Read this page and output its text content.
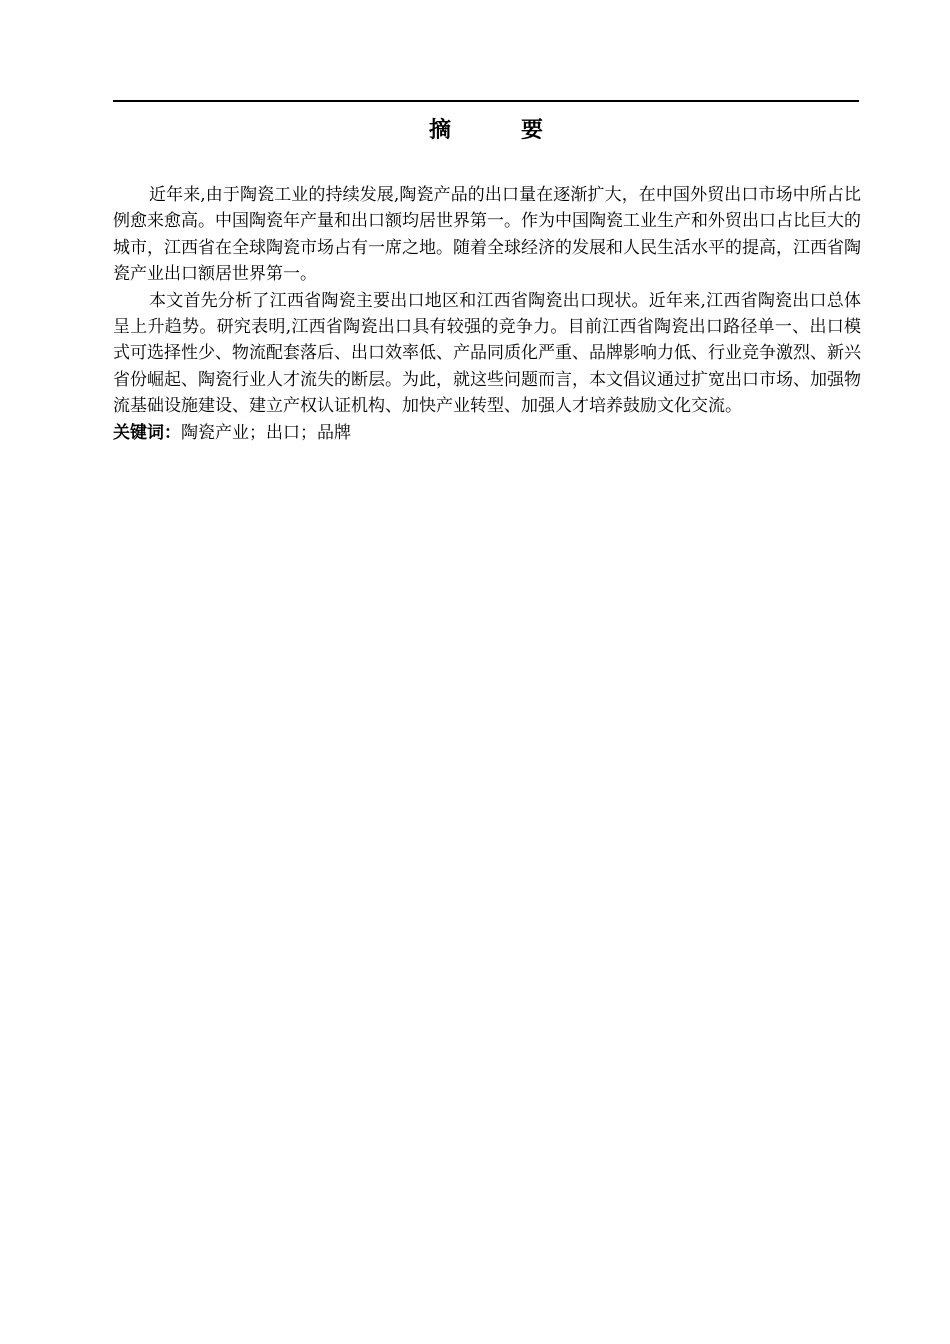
摘　要

近年来,由于陶瓷工业的持续发展,陶瓷产品的出口量在逐渐扩大，在中国外贸出口市场中所占比例愈来愈高。中国陶瓷年产量和出口额均居世界第一。作为中国陶瓷工业生产和外贸出口占比巨大的城市，江西省在全球陶瓷市场占有一席之地。随着全球经济的发展和人民生活水平的提高，江西省陶瓷产业出口额居世界第一。

本文首先分析了江西省陶瓷主要出口地区和江西省陶瓷出口现状。近年来,江西省陶瓷出口总体呈上升趋势。研究表明,江西省陶瓷出口具有较强的竞争力。目前江西省陶瓷出口路径单一、出口模式可选择性少、物流配套落后、出口效率低、产品同质化严重、品牌影响力低、行业竞争激烈、新兴省份崛起、陶瓷行业人才流失的断层。为此，就这些问题而言，本文倡议通过扩宽出口市场、加强物流基础设施建设、建立产权认证机构、加快产业转型、加强人才培养鼓励文化交流。

关键词：陶瓷产业；出口；品牌
